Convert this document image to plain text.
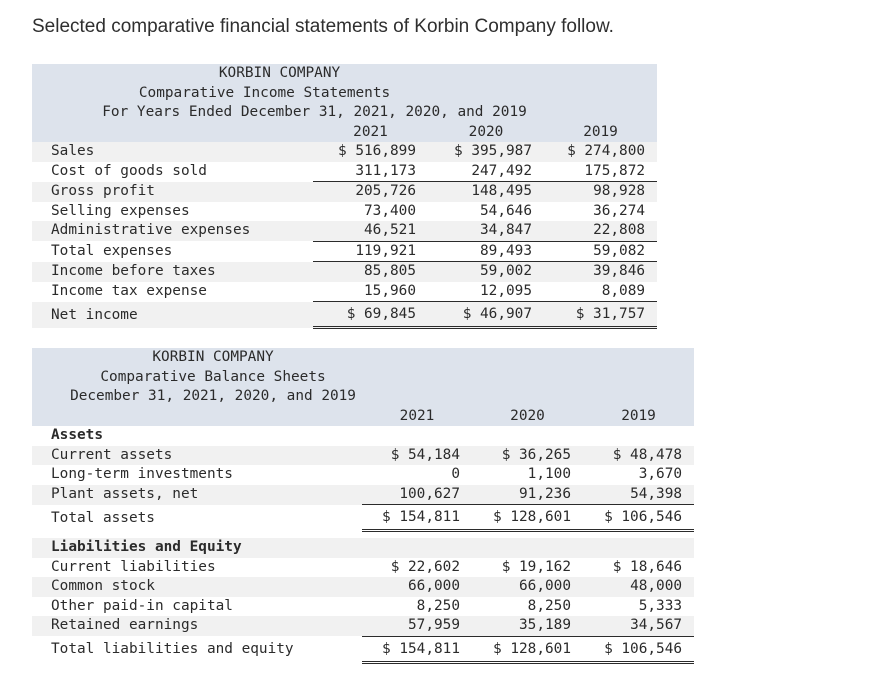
Selected comparative financial statements of Korbin Company follow.
KORBIN COMPANY			
Comparative Income Statements			
For Years Ended December 31, 2021, 2020, and 2019			
	2021	2020	2019
Sales	$ 516,899	$ 395,987	$ 274,800
Cost of goods sold	311,173	247,492	175,872
Gross profit	205,726	148,495	98,928
Selling expenses	73,400	54,646	36,274
Administrative expenses	46,521	34,847	22,808
Total expenses	119,921	89,493	59,082
Income before taxes	85,805	59,002	39,846
Income tax expense	15,960	12,095	8,089
Net income	$ 69,845	$ 46,907	$ 31,757
KORBIN COMPANY			
Comparative Balance Sheets			
December 31, 2021, 2020, and 2019			
	2021	2020	2019
Assets			
Current assets	$ 54,184	$ 36,265	$ 48,478
Long-term investments	0	1,100	3,670
Plant assets, net	100,627	91,236	54,398
Total assets	$ 154,811	$ 128,601	$ 106,546

Liabilities and Equity			
Current liabilities	$ 22,602	$ 19,162	$ 18,646
Common stock	66,000	66,000	48,000
Other paid-in capital	8,250	8,250	5,333
Retained earnings	57,959	35,189	34,567
Total liabilities and equity	$ 154,811	$ 128,601	$ 106,546
